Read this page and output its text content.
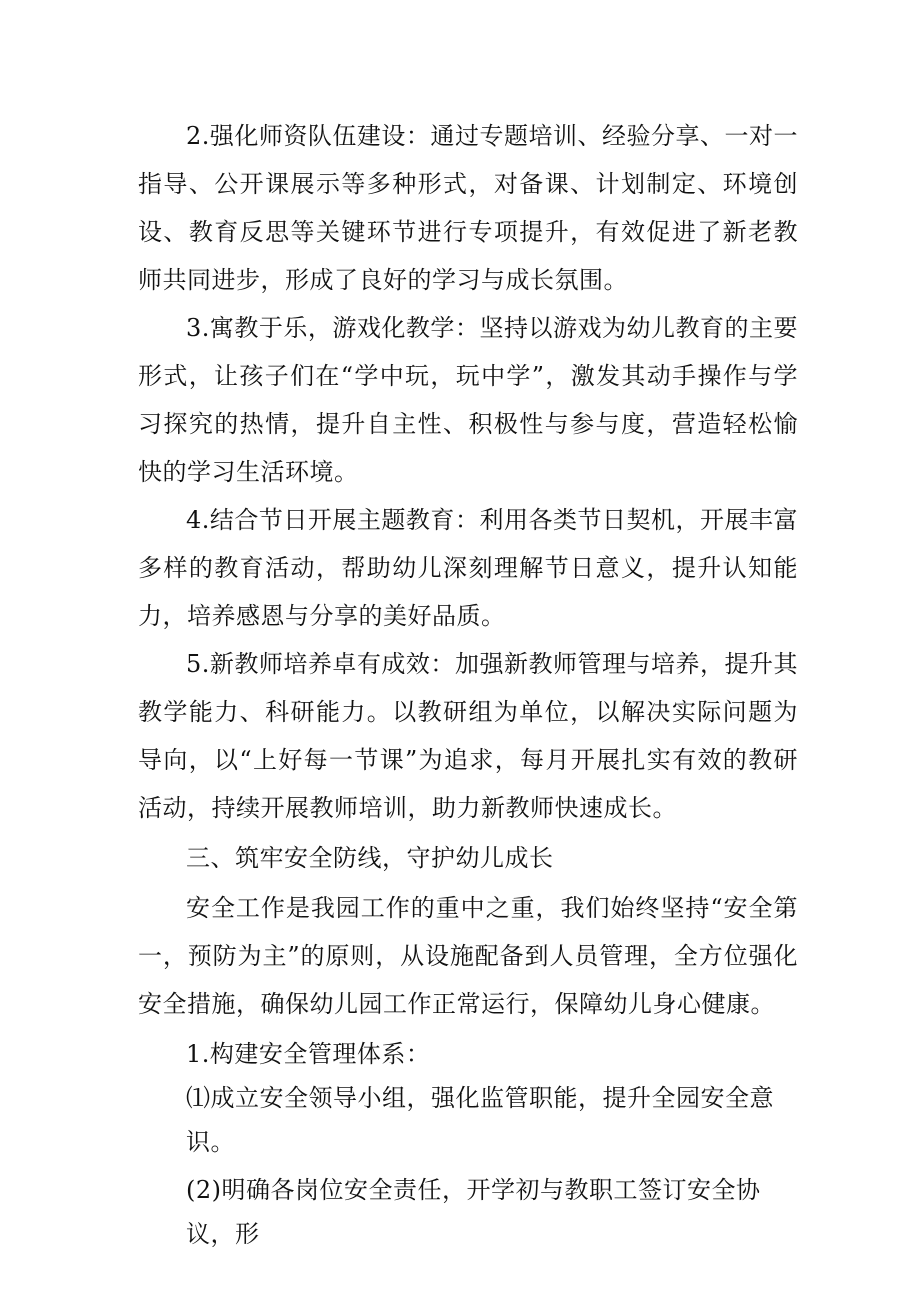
2.强化师资队伍建设：通过专题培训、经验分享、一对一指导、公开课展示等多种形式，对备课、计划制定、环境创设、教育反思等关键环节进行专项提升，有效促进了新老教师共同进步，形成了良好的学习与成长氛围。

3.寓教于乐，游戏化教学：坚持以游戏为幼儿教育的主要形式，让孩子们在“学中玩，玩中学”，激发其动手操作与学习探究的热情，提升自主性、积极性与参与度，营造轻松愉快的学习生活环境。

4.结合节日开展主题教育：利用各类节日契机，开展丰富多样的教育活动，帮助幼儿深刻理解节日意义，提升认知能力，培养感恩与分享的美好品质。

5.新教师培养卓有成效：加强新教师管理与培养，提升其教学能力、科研能力。以教研组为单位，以解决实际问题为导向，以“上好每一节课”为追求，每月开展扎实有效的教研活动，持续开展教师培训，助力新教师快速成长。

三、筑牢安全防线，守护幼儿成长

安全工作是我园工作的重中之重，我们始终坚持“安全第一，预防为主”的原则，从设施配备到人员管理，全方位强化安全措施，确保幼儿园工作正常运行，保障幼儿身心健康。

1.构建安全管理体系：
⑴成立安全领导小组，强化监管职能，提升全园安全意识。
(2)明确各岗位安全责任，开学初与教职工签订安全协议，形
